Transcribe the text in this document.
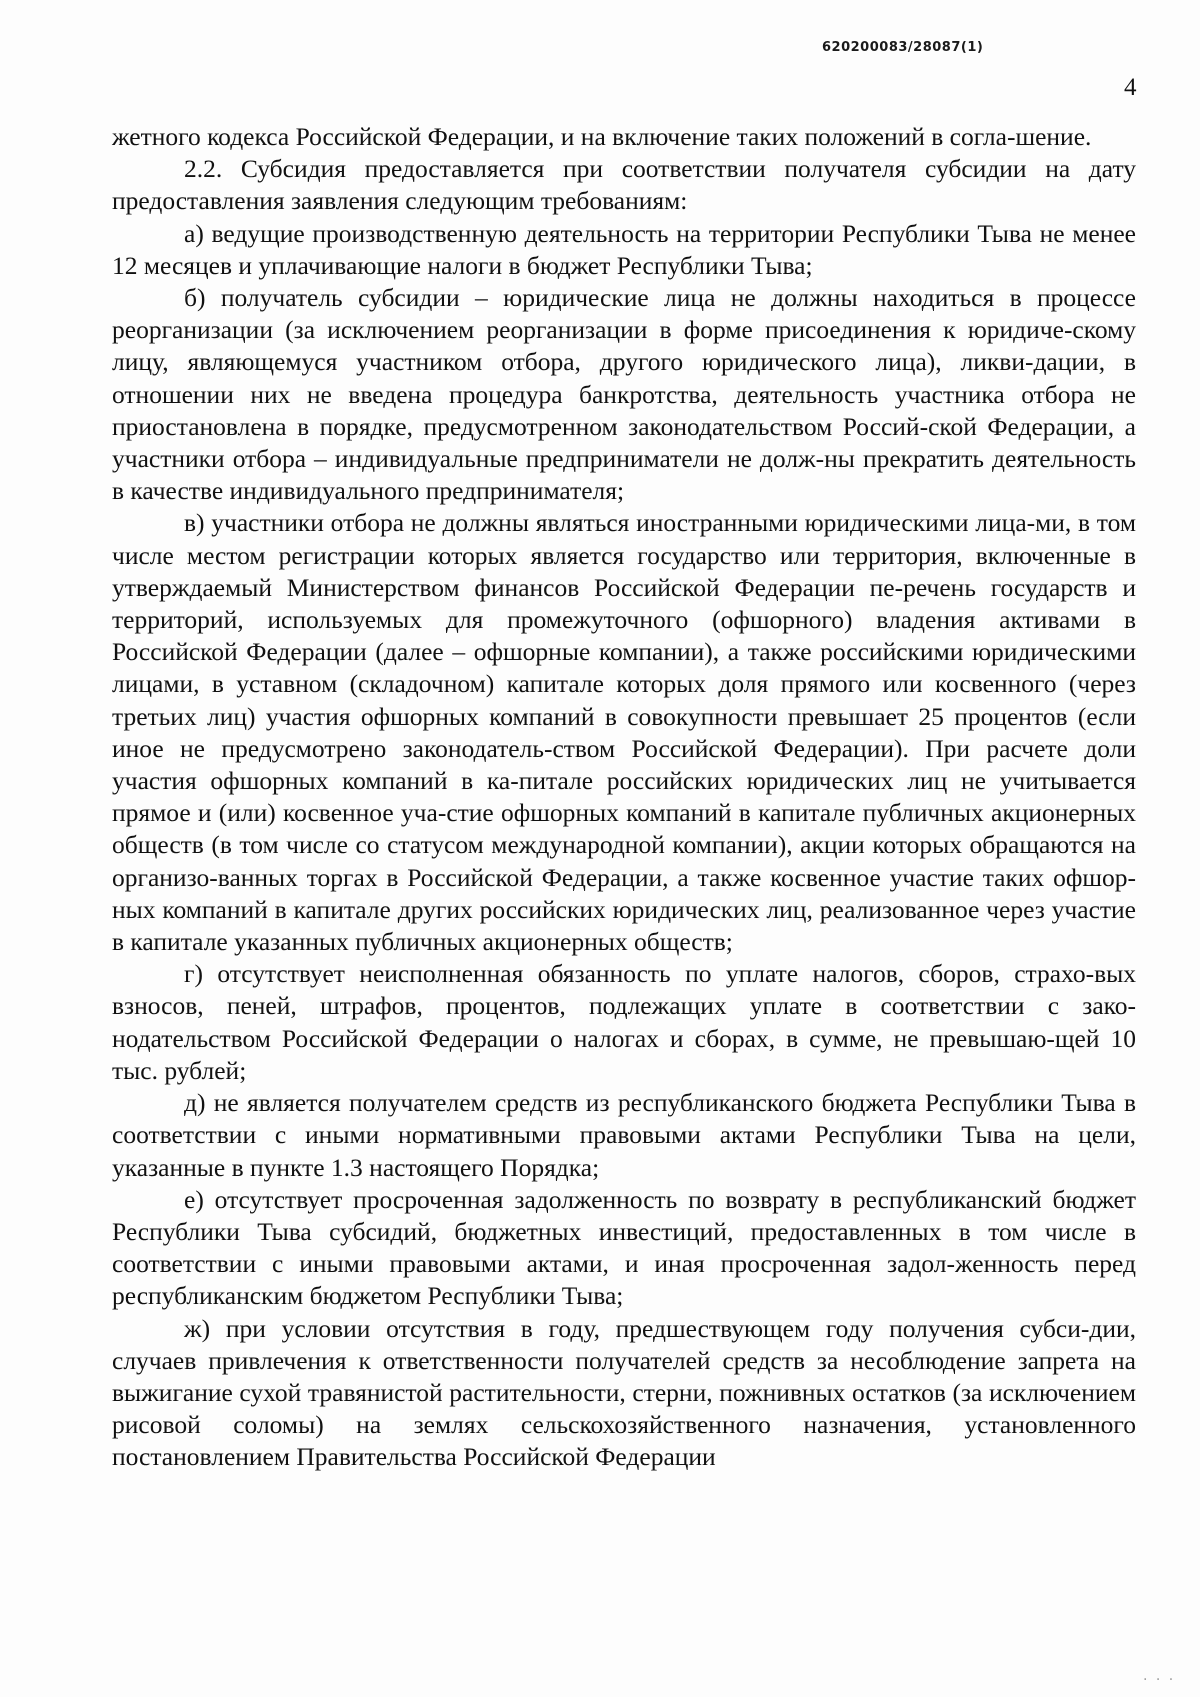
620200083/28087(1)
4

жетного кодекса Российской Федерации, и на включение таких положений в согла-шение.

2.2. Субсидия предоставляется при соответствии получателя субсидии на дату предоставления заявления следующим требованиям:

а) ведущие производственную деятельность на территории Республики Тыва не менее 12 месяцев и уплачивающие налоги в бюджет Республики Тыва;

б) получатель субсидии – юридические лица не должны находиться в процессе реорганизации (за исключением реорганизации в форме присоединения к юридиче-скому лицу, являющемуся участником отбора, другого юридического лица), ликви-дации, в отношении них не введена процедура банкротства, деятельность участника отбора не приостановлена в порядке, предусмотренном законодательством Россий-ской Федерации, а участники отбора – индивидуальные предприниматели не долж-ны прекратить деятельность в качестве индивидуального предпринимателя;

в) участники отбора не должны являться иностранными юридическими лица-ми, в том числе местом регистрации которых является государство или территория, включенные в утверждаемый Министерством финансов Российской Федерации пе-речень государств и территорий, используемых для промежуточного (офшорного) владения активами в Российской Федерации (далее – офшорные компании), а также российскими юридическими лицами, в уставном (складочном) капитале которых доля прямого или косвенного (через третьих лиц) участия офшорных компаний в совокупности превышает 25 процентов (если иное не предусмотрено законодатель-ством Российской Федерации). При расчете доли участия офшорных компаний в ка-питале российских юридических лиц не учитывается прямое и (или) косвенное уча-стие офшорных компаний в капитале публичных акционерных обществ (в том числе со статусом международной компании), акции которых обращаются на организо-ванных торгах в Российской Федерации, а также косвенное участие таких офшор-ных компаний в капитале других российских юридических лиц, реализованное через участие в капитале указанных публичных акционерных обществ;

г) отсутствует неисполненная обязанность по уплате налогов, сборов, страхо-вых взносов, пеней, штрафов, процентов, подлежащих уплате в соответствии с зако-нодательством Российской Федерации о налогах и сборах, в сумме, не превышаю-щей 10 тыс. рублей;

д) не является получателем средств из республиканского бюджета Республики Тыва в соответствии с иными нормативными правовыми актами Республики Тыва на цели, указанные в пункте 1.3 настоящего Порядка;

е) отсутствует просроченная задолженность по возврату в республиканский бюджет Республики Тыва субсидий, бюджетных инвестиций, предоставленных в том числе в соответствии с иными правовыми актами, и иная просроченная задол-женность перед республиканским бюджетом Республики Тыва;

ж) при условии отсутствия в году, предшествующем году получения субси-дии, случаев привлечения к ответственности получателей средств за несоблюдение запрета на выжигание сухой травянистой растительности, стерни, пожнивных остатков (за исключением рисовой соломы) на землях сельскохозяйственного назначения, установленного постановлением Правительства Российской Федерации

· · ·
